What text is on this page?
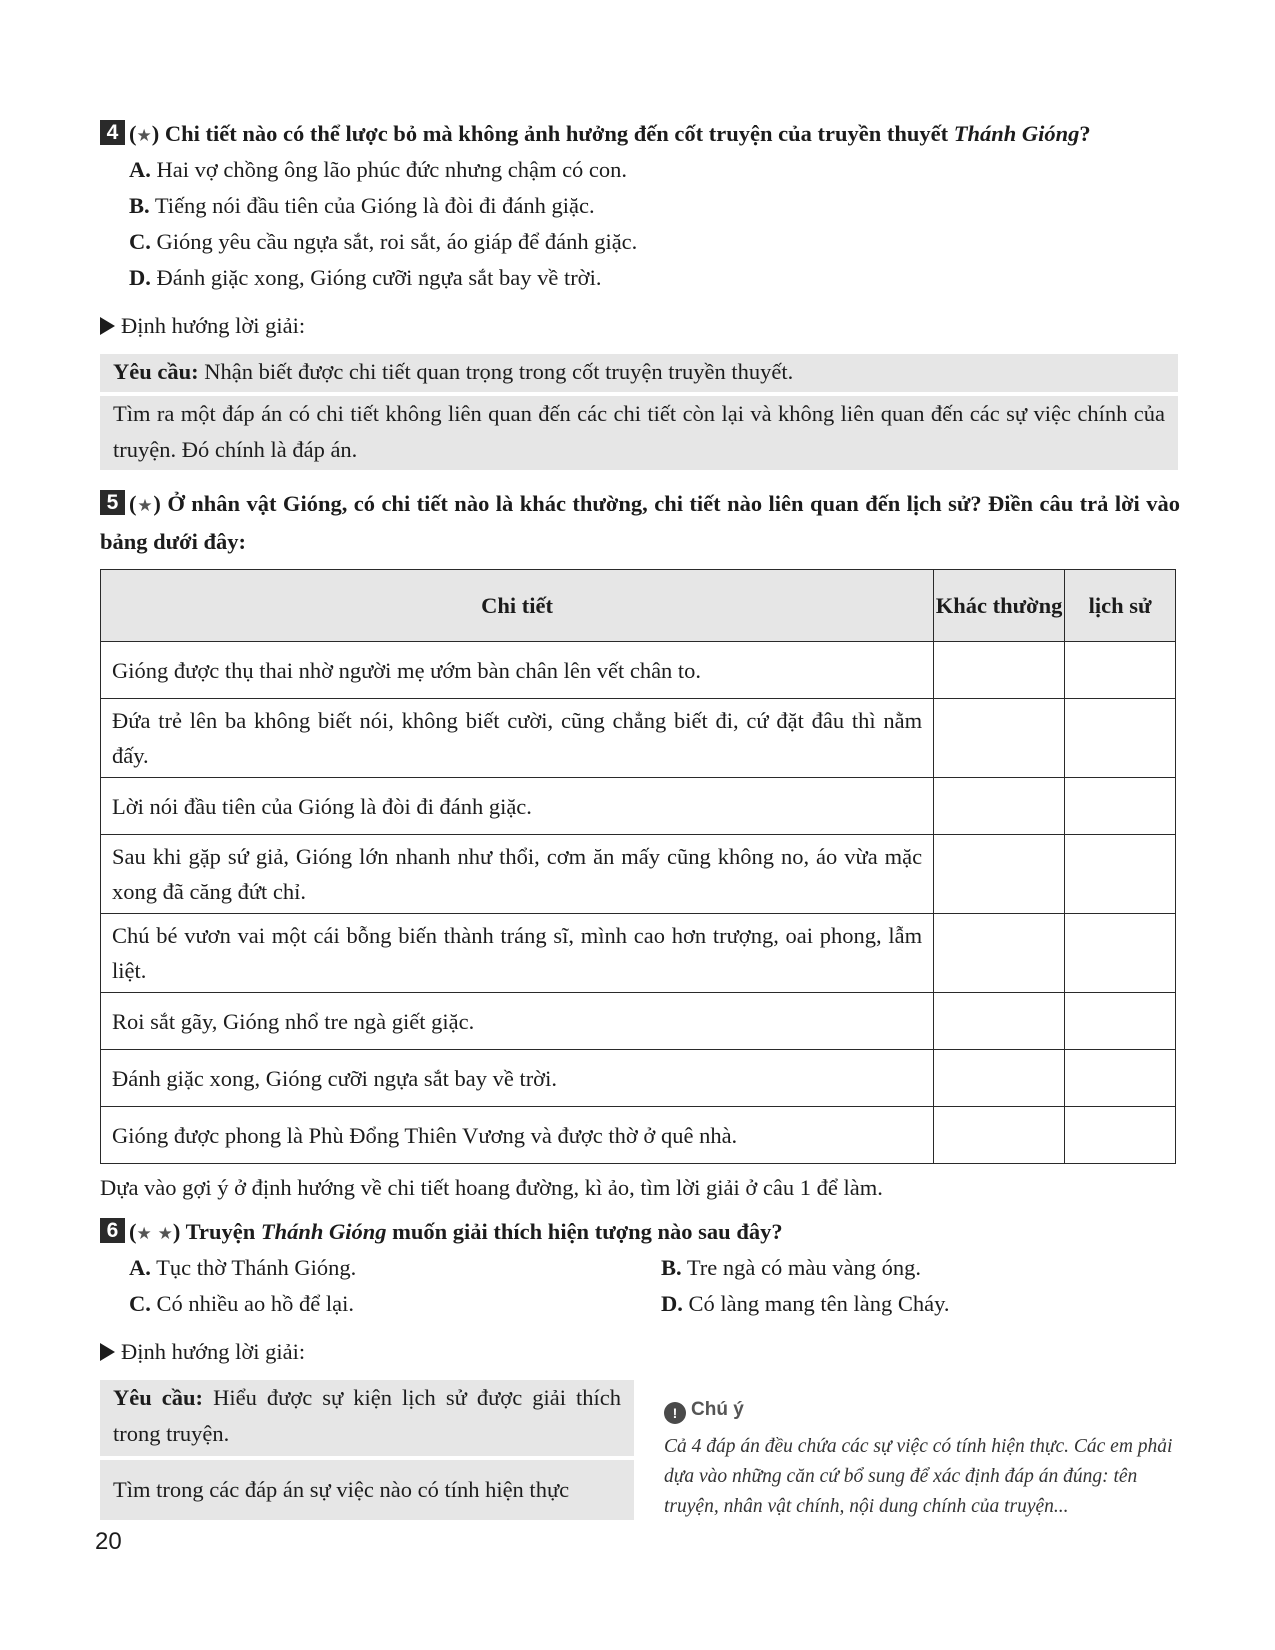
4 (★) Chi tiết nào có thể lược bỏ mà không ảnh hưởng đến cốt truyện của truyền thuyết Thánh Gióng?
A. Hai vợ chồng ông lão phúc đức nhưng chậm có con.
B. Tiếng nói đầu tiên của Gióng là đòi đi đánh giặc.
C. Gióng yêu cầu ngựa sắt, roi sắt, áo giáp để đánh giặc.
D. Đánh giặc xong, Gióng cưỡi ngựa sắt bay về trời.
Định hướng lời giải:
Yêu cầu: Nhận biết được chi tiết quan trọng trong cốt truyện truyền thuyết.
Tìm ra một đáp án có chi tiết không liên quan đến các chi tiết còn lại và không liên quan đến các sự việc chính của truyện. Đó chính là đáp án.
5 (★) Ở nhân vật Gióng, có chi tiết nào là khác thường, chi tiết nào liên quan đến lịch sử? Điền câu trả lời vào bảng dưới đây:
Chi tiết	Khác thường	lịch sử
Gióng được thụ thai nhờ người mẹ ướm bàn chân lên vết chân to.		
Đứa trẻ lên ba không biết nói, không biết cười, cũng chẳng biết đi, cứ đặt đâu thì nằm đấy.		
Lời nói đầu tiên của Gióng là đòi đi đánh giặc.		
Sau khi gặp sứ giả, Gióng lớn nhanh như thổi, cơm ăn mấy cũng không no, áo vừa mặc xong đã căng đứt chỉ.		
Chú bé vươn vai một cái bỗng biến thành tráng sĩ, mình cao hơn trượng, oai phong, lẫm liệt.		
Roi sắt gãy, Gióng nhổ tre ngà giết giặc.		
Đánh giặc xong, Gióng cưỡi ngựa sắt bay về trời.		
Gióng được phong là Phù Đổng Thiên Vương và được thờ ở quê nhà.		
Dựa vào gợi ý ở định hướng về chi tiết hoang đường, kì ảo, tìm lời giải ở câu 1 để làm.
6 (★ ★) Truyện Thánh Gióng muốn giải thích hiện tượng nào sau đây?
A. Tục thờ Thánh Gióng.	B. Tre ngà có màu vàng óng.
C. Có nhiều ao hồ để lại.	D. Có làng mang tên làng Cháy.
Định hướng lời giải:
Yêu cầu: Hiểu được sự kiện lịch sử được giải thích trong truyện.
Tìm trong các đáp án sự việc nào có tính hiện thực
! Chú ý
Cả 4 đáp án đều chứa các sự việc có tính hiện thực. Các em phải dựa vào những căn cứ bổ sung để xác định đáp án đúng: tên truyện, nhân vật chính, nội dung chính của truyện...
20
